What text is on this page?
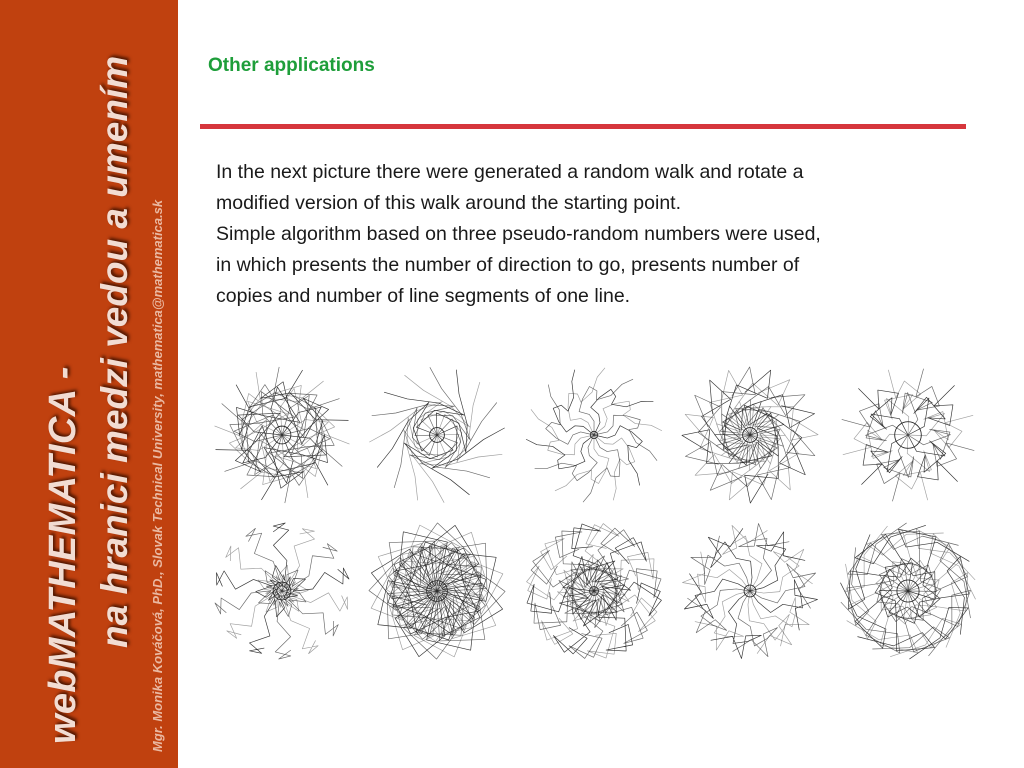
webMATHEMATICA - na hranici medzi vedou a umením Mgr. Monika Kováčová, PhD., Slovak Technical University, mathematica@mathematica.sk
Other applications

In the next picture there were generated a random walk and rotate a
modified version of this walk around the starting point.
Simple algorithm based on three pseudo-random numbers were used,
in which presents the number of direction to go, presents number of
copies and number of line segments of one line.
